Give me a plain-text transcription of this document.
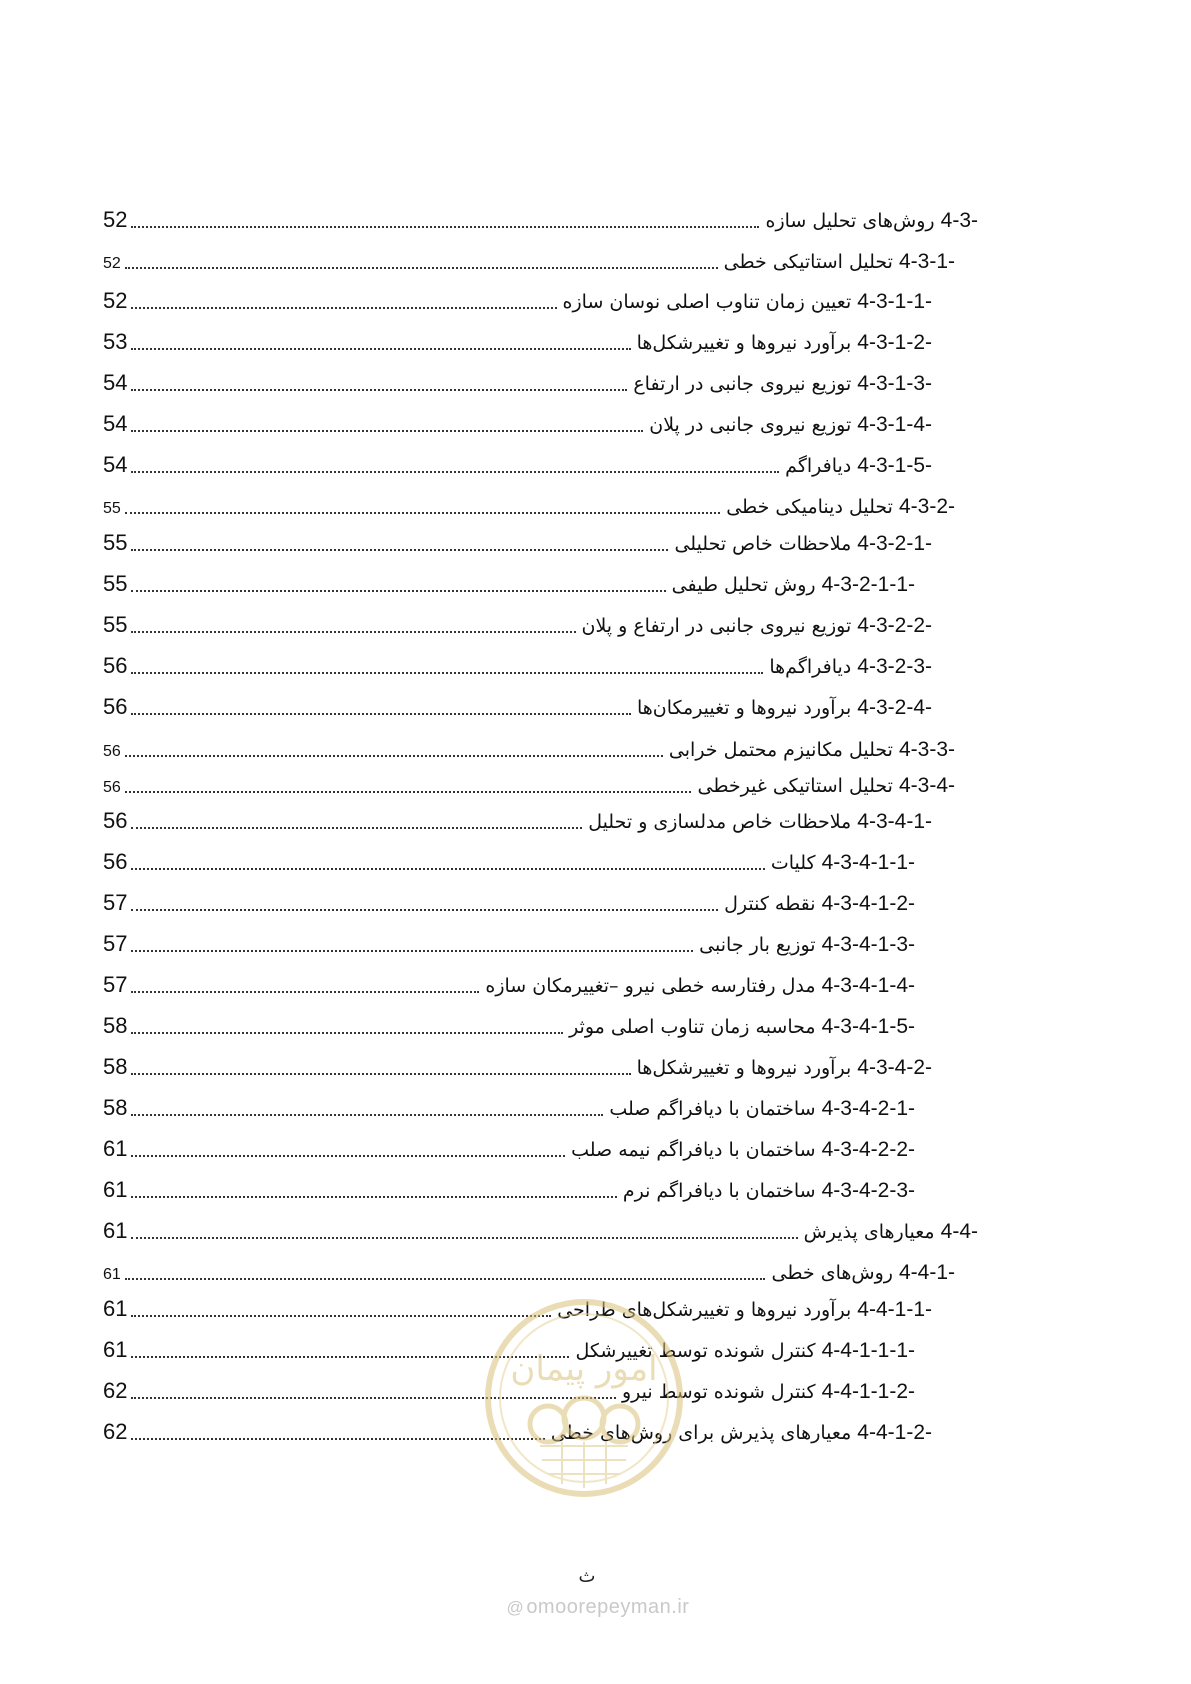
52	4-3- روش‌های تحلیل سازه
52	4-3-1- تحلیل استاتیکی خطی
52	4-3-1-1- تعیین زمان تناوب اصلی نوسان سازه
53	4-3-1-2- برآورد نیروها و تغییرشکل‌ها
54	4-3-1-3- توزیع نیروی جانبی در ارتفاع
54	4-3-1-4- توزیع نیروی جانبی در پلان
54	4-3-1-5- دیافراگم
55	4-3-2- تحلیل دینامیکی خطی
55	4-3-2-1- ملاحظات خاص تحلیلی
55	4-3-2-1-1- روش تحلیل طیفی
55	4-3-2-2- توزیع نیروی جانبی در ارتفاع و پلان
56	4-3-2-3- دیافراگم‌ها
56	4-3-2-4- برآورد نیروها و تغییرمکان‌ها
56	4-3-3- تحلیل مکانیزم محتمل خرابی
56	4-3-4- تحلیل استاتیکی غیرخطی
56	4-3-4-1- ملاحظات خاص مدلسازی و تحلیل
56	4-3-4-1-1- کلیات
57	4-3-4-1-2- نقطه کنترل
57	4-3-4-1-3- توزیع بار جانبی
57	4-3-4-1-4- مدل رفتارسه خطی نیرو –تغییرمکان سازه
58	4-3-4-1-5- محاسبه زمان تناوب اصلی موثر
58	4-3-4-2- برآورد نیروها و تغییرشکل‌ها
58	4-3-4-2-1- ساختمان با دیافراگم صلب
61	4-3-4-2-2- ساختمان با دیافراگم نیمه صلب
61	4-3-4-2-3- ساختمان با دیافراگم نرم
61	4-4- معیارهای پذیرش
61	4-4-1- روش‌های خطی
61	4-4-1-1- برآورد نیروها و تغییرشکل‌های طراحی
61	4-4-1-1-1- کنترل شونده توسط تغییرشکل
62	4-4-1-1-2- کنترل شونده توسط نیرو
62	4-4-1-2- معیارهای پذیرش برای روش‌های خطی
امور پیمان
ث
@ omoorepeyman.ir
